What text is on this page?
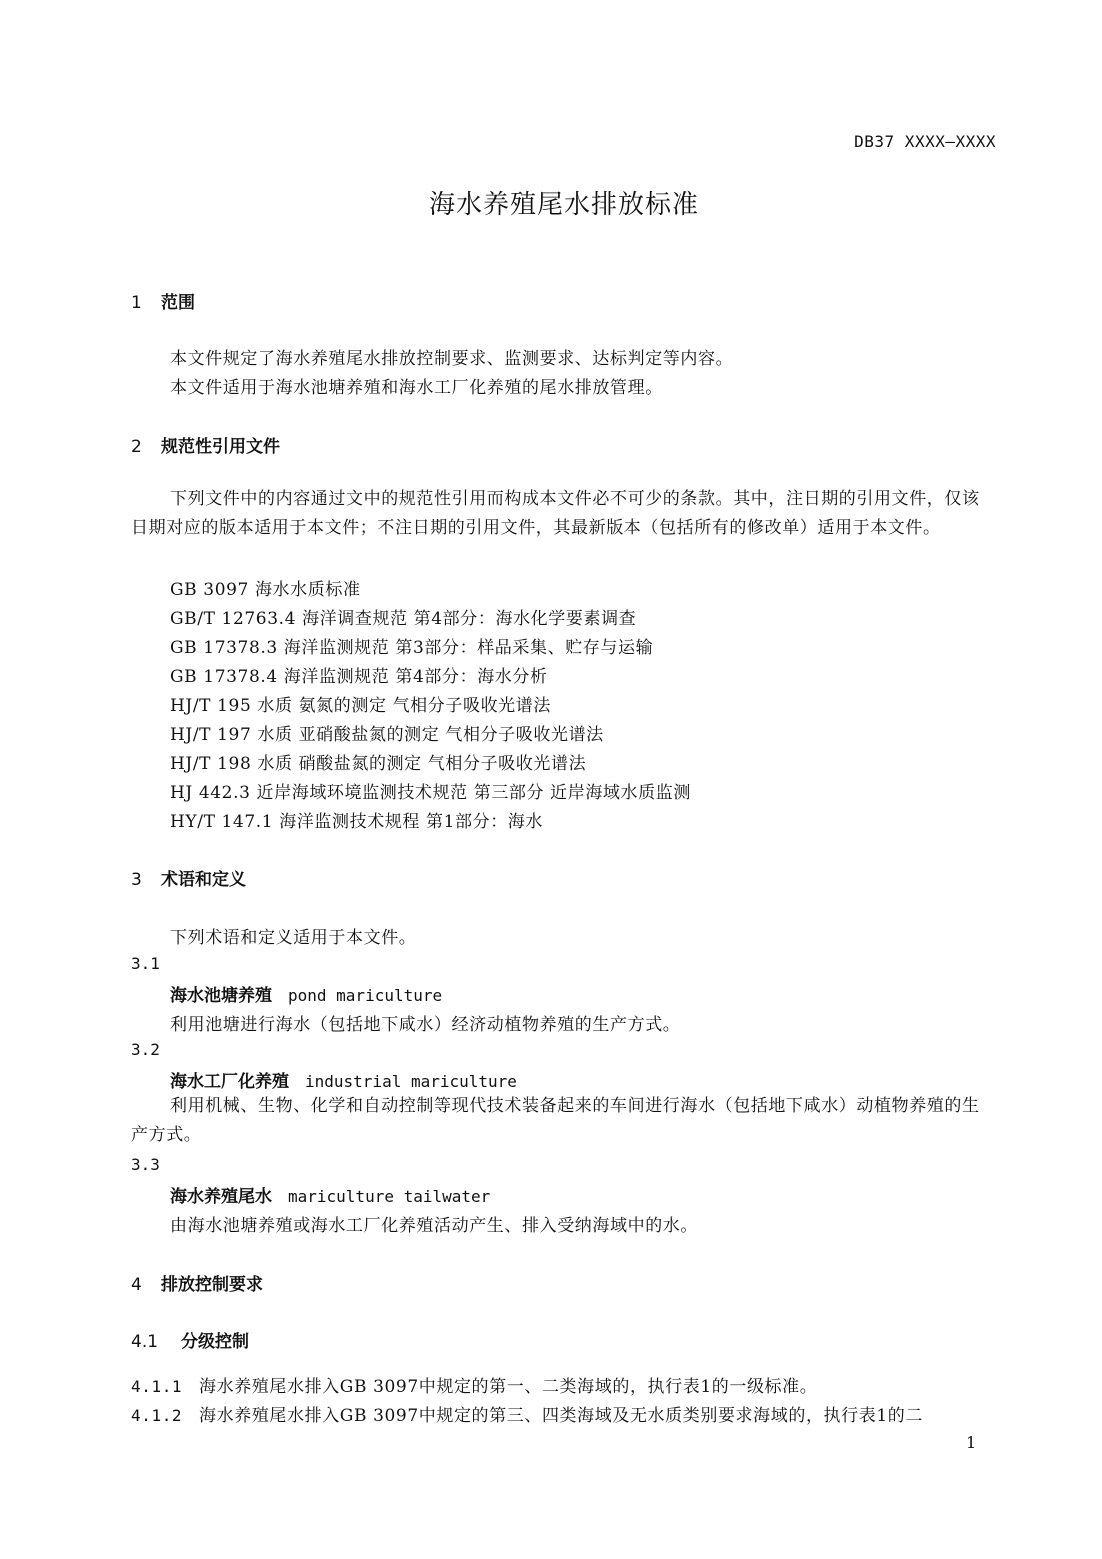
DB37 XXXX—XXXX
海水养殖尾水排放标准
1 范围
本文件规定了海水养殖尾水排放控制要求、监测要求、达标判定等内容。
本文件适用于海水池塘养殖和海水工厂化养殖的尾水排放管理。
2 规范性引用文件
下列文件中的内容通过文中的规范性引用而构成本文件必不可少的条款。其中，注日期的引用文件，仅该日期对应的版本适用于本文件；不注日期的引用文件，其最新版本（包括所有的修改单）适用于本文件。
GB 3097 海水水质标准
GB/T 12763.4 海洋调查规范 第4部分：海水化学要素调查
GB 17378.3 海洋监测规范 第3部分：样品采集、贮存与运输
GB 17378.4 海洋监测规范 第4部分：海水分析
HJ/T 195 水质 氨氮的测定 气相分子吸收光谱法
HJ/T 197 水质 亚硝酸盐氮的测定 气相分子吸收光谱法
HJ/T 198 水质 硝酸盐氮的测定 气相分子吸收光谱法
HJ 442.3 近岸海域环境监测技术规范 第三部分 近岸海域水质监测
HY/T 147.1 海洋监测技术规程 第1部分：海水
3 术语和定义
下列术语和定义适用于本文件。
3.1
海水池塘养殖 pond mariculture
利用池塘进行海水（包括地下咸水）经济动植物养殖的生产方式。
3.2
海水工厂化养殖 industrial mariculture
利用机械、生物、化学和自动控制等现代技术装备起来的车间进行海水（包括地下咸水）动植物养殖的生产方式。
3.3
海水养殖尾水 mariculture tailwater
由海水池塘养殖或海水工厂化养殖活动产生、排入受纳海域中的水。
4 排放控制要求
4.1 分级控制
4.1.1 海水养殖尾水排入GB 3097中规定的第一、二类海域的，执行表1的一级标准。
4.1.2 海水养殖尾水排入GB 3097中规定的第三、四类海域及无水质类别要求海域的，执行表1的二
1
